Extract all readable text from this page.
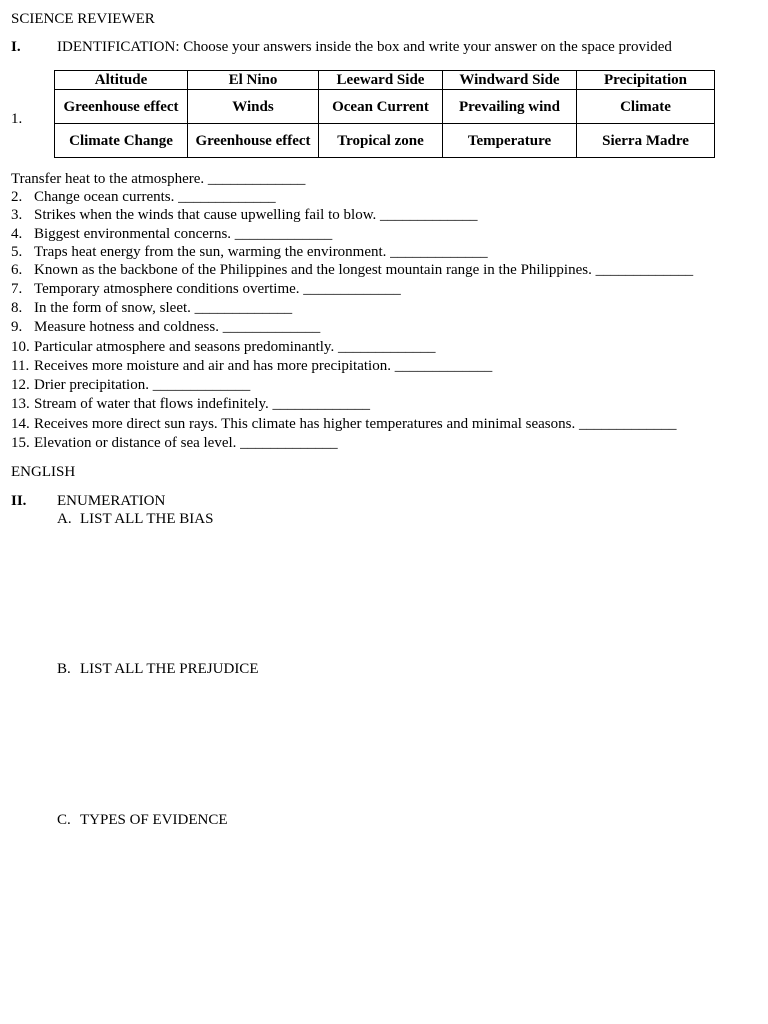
SCIENCE REVIEWER
I. IDENTIFICATION: Choose your answers inside the box and write your answer on the space provided
1.
Altitude	El Nino	Leeward Side	Windward Side	Precipitation
Greenhouse effect	Winds	Ocean Current	Prevailing wind	Climate
Climate Change	Greenhouse effect	Tropical zone	Temperature	Sierra Madre
Transfer heat to the atmosphere. _____________
2. Change ocean currents. _____________
3. Strikes when the winds that cause upwelling fail to blow. _____________
4. Biggest environmental concerns. _____________
5. Traps heat energy from the sun, warming the environment. _____________
6. Known as the backbone of the Philippines and the longest mountain range in the Philippines. _____________
7. Temporary atmosphere conditions overtime. _____________
8. In the form of snow, sleet. _____________
9. Measure hotness and coldness. _____________
10. Particular atmosphere and seasons predominantly. _____________
11. Receives more moisture and air and has more precipitation. _____________
12. Drier precipitation. _____________
13. Stream of water that flows indefinitely. _____________
14. Receives more direct sun rays. This climate has higher temperatures and minimal seasons. _____________
15. Elevation or distance of sea level. _____________
ENGLISH
II. ENUMERATION
A. LIST ALL THE BIAS
B. LIST ALL THE PREJUDICE
C. TYPES OF EVIDENCE
